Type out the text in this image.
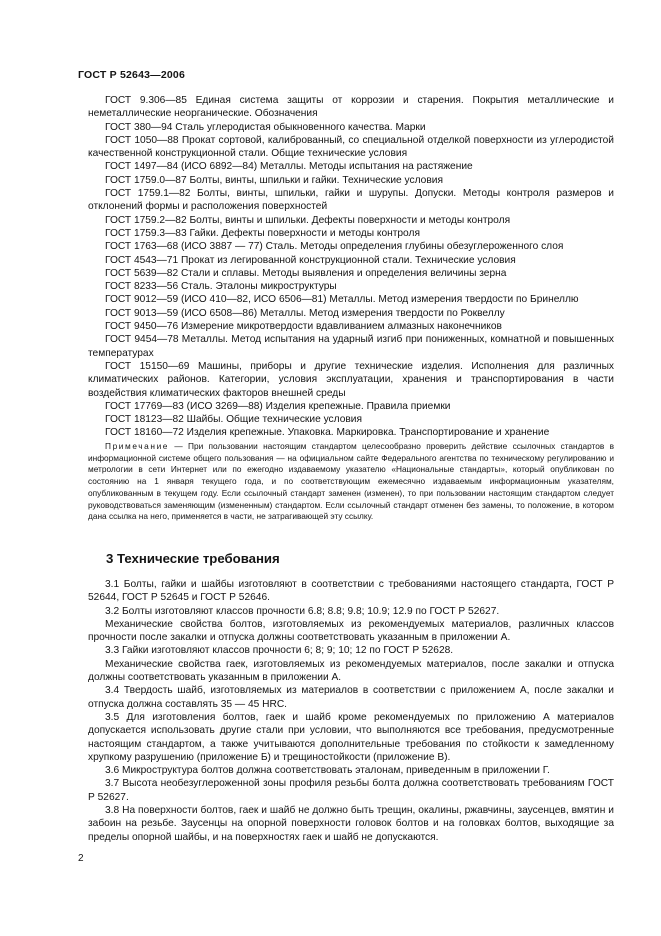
ГОСТ Р 52643—2006

ГОСТ 9.306—85 Единая система защиты от коррозии и старения. Покрытия металлические и неметаллические неорганические. Обозначения

ГОСТ 380—94 Сталь углеродистая обыкновенного качества. Марки

ГОСТ 1050—88 Прокат сортовой, калиброванный, со специальной отделкой поверхности из углеродистой качественной конструкционной стали. Общие технические условия

ГОСТ 1497—84 (ИСО 6892—84) Металлы. Методы испытания на растяжение

ГОСТ 1759.0—87 Болты, винты, шпильки и гайки. Технические условия

ГОСТ 1759.1—82 Болты, винты, шпильки, гайки и шурупы. Допуски. Методы контроля размеров и отклонений формы и расположения поверхностей

ГОСТ 1759.2—82 Болты, винты и шпильки. Дефекты поверхности и методы контроля

ГОСТ 1759.3—83 Гайки. Дефекты поверхности и методы контроля

ГОСТ 1763—68 (ИСО 3887 — 77) Сталь. Методы определения глубины обезуглероженного слоя

ГОСТ 4543—71 Прокат из легированной конструкционной стали. Технические условия

ГОСТ 5639—82 Стали и сплавы. Методы выявления и определения величины зерна

ГОСТ 8233—56 Сталь. Эталоны микроструктуры

ГОСТ 9012—59 (ИСО 410—82, ИСО 6506—81) Металлы. Метод измерения твердости по Бринеллю

ГОСТ 9013—59 (ИСО 6508—86) Металлы. Метод измерения твердости по Роквеллу

ГОСТ 9450—76 Измерение микротвердости вдавливанием алмазных наконечников

ГОСТ 9454—78 Металлы. Метод испытания на ударный изгиб при пониженных, комнатной и повышенных температурах

ГОСТ 15150—69 Машины, приборы и другие технические изделия. Исполнения для различных климатических районов. Категории, условия эксплуатации, хранения и транспортирования в части воздействия климатических факторов внешней среды

ГОСТ 17769—83 (ИСО 3269—88) Изделия крепежные. Правила приемки

ГОСТ 18123—82 Шайбы. Общие технические условия

ГОСТ 18160—72 Изделия крепежные. Упаковка. Маркировка. Транспортирование и хранение

Примечание — При пользовании настоящим стандартом целесообразно проверить действие ссылочных стандартов в информационной системе общего пользования — на официальном сайте Федерального агентства по техническому регулированию и метрологии в сети Интернет или по ежегодно издаваемому указателю «Национальные стандарты», который опубликован по состоянию на 1 января текущего года, и по соответствующим ежемесячно издаваемым информационным указателям, опубликованным в текущем году. Если ссылочный стандарт заменен (изменен), то при пользовании настоящим стандартом следует руководствоваться заменяющим (измененным) стандартом. Если ссылочный стандарт отменен без замены, то положение, в котором дана ссылка на него, применяется в части, не затрагивающей эту ссылку.

3 Технические требования

3.1 Болты, гайки и шайбы изготовляют в соответствии с требованиями настоящего стандарта, ГОСТ Р 52644, ГОСТ Р 52645 и ГОСТ Р 52646.

3.2 Болты изготовляют классов прочности 6.8; 8.8; 9.8; 10.9; 12.9 по ГОСТ Р 52627.

Механические свойства болтов, изготовляемых из рекомендуемых материалов, различных классов прочности после закалки и отпуска должны соответствовать указанным в приложении А.

3.3 Гайки изготовляют классов прочности 6; 8; 9; 10; 12 по ГОСТ Р 52628.

Механические свойства гаек, изготовляемых из рекомендуемых материалов, после закалки и отпуска должны соответствовать указанным в приложении А.

3.4 Твердость шайб, изготовляемых из материалов в соответствии с приложением А, после закалки и отпуска должна составлять 35 — 45 HRC.

3.5 Для изготовления болтов, гаек и шайб кроме рекомендуемых по приложению А материалов допускается использовать другие стали при условии, что выполняются все требования, предусмотренные настоящим стандартом, а также учитываются дополнительные требования по стойкости к замедленному хрупкому разрушению (приложение Б) и трещиностойкости (приложение В).

3.6 Микроструктура болтов должна соответствовать эталонам, приведенным в приложении Г.

3.7 Высота необезуглероженной зоны профиля резьбы болта должна соответствовать требованиям ГОСТ Р 52627.

3.8 На поверхности болтов, гаек и шайб не должно быть трещин, окалины, ржавчины, заусенцев, вмятин и забоин на резьбе. Заусенцы на опорной поверхности головок болтов и на головках болтов, выходящие за пределы опорной шайбы, и на поверхностях гаек и шайб не допускаются.

2
